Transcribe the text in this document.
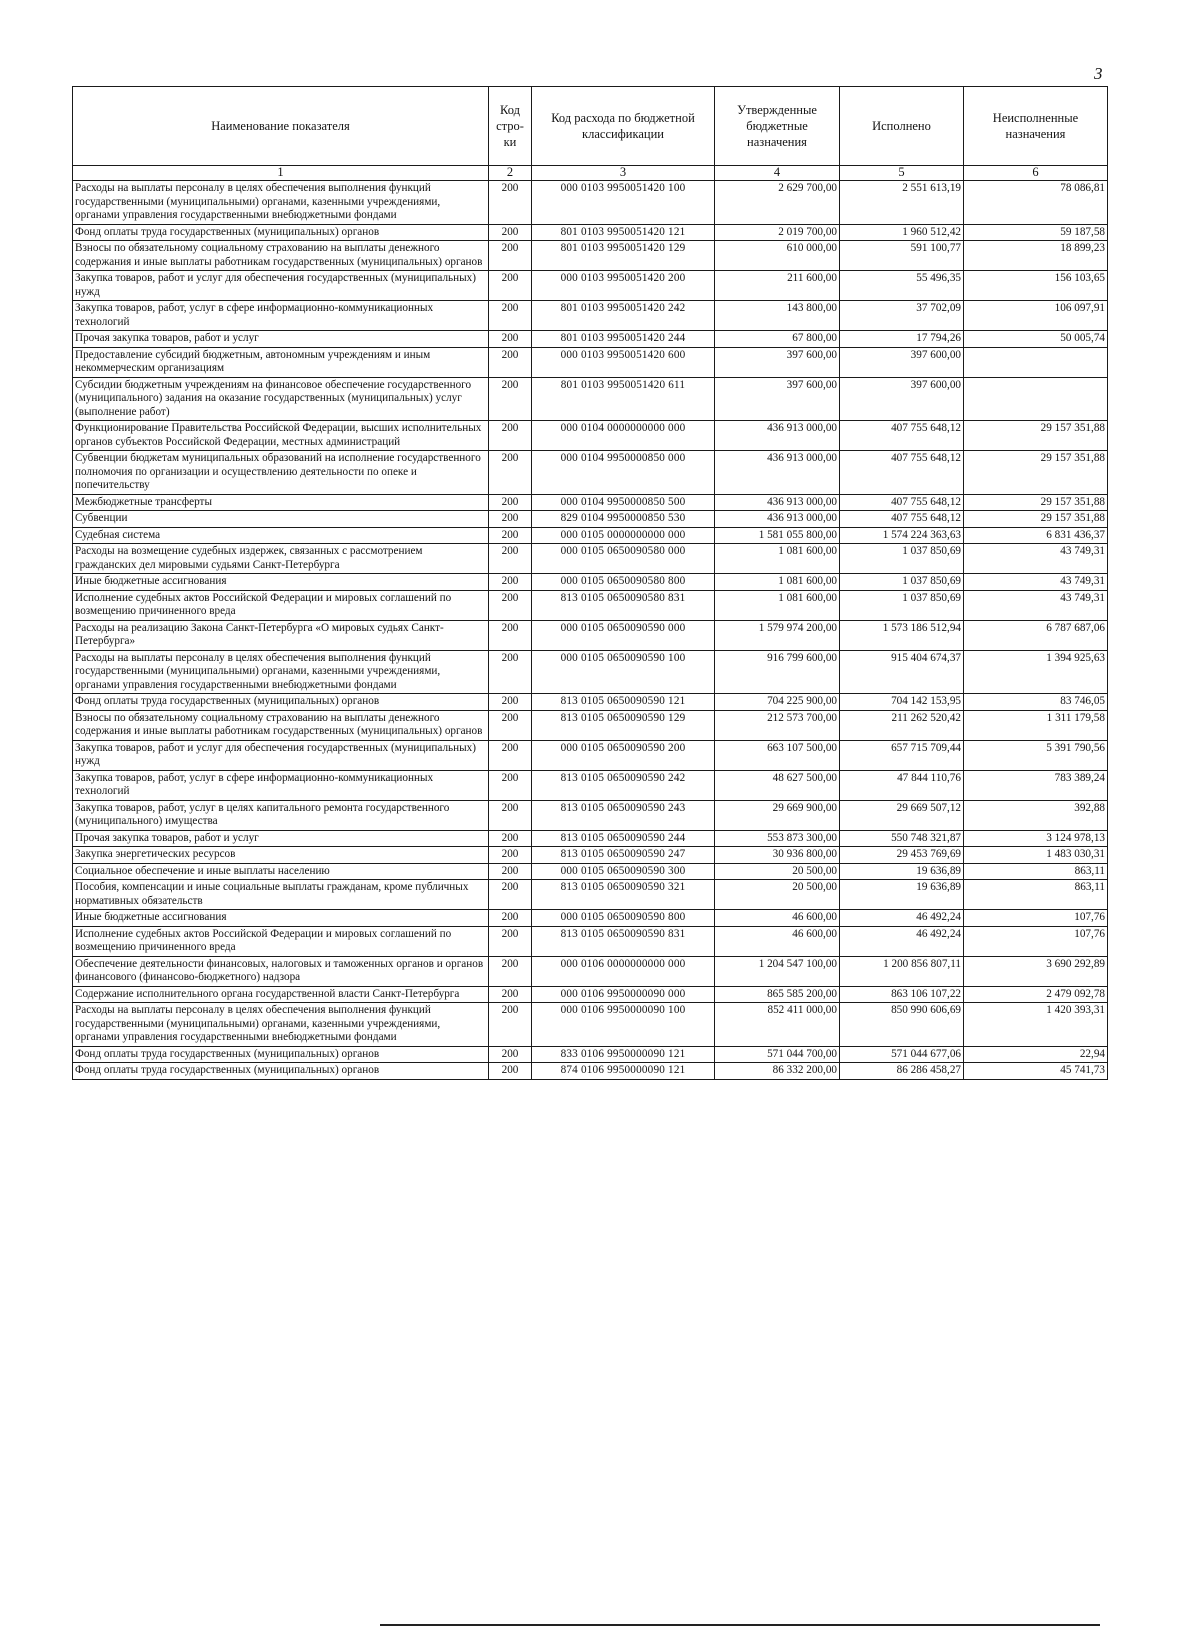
3
Наименование показателя	Код стро- ки	Код расхода по бюджетной классификации	Утвержденные бюджетные назначения	Исполнено	Неисполненные назначения
1	2	3	4	5	6
Расходы на выплаты персоналу в целях обеспечения выполнения функций государственными (муниципальными) органами, казенными учреждениями, органами управления государственными внебюджетными фондами	200	000 0103 9950051420 100	2 629 700,00	2 551 613,19	78 086,81
Фонд оплаты труда государственных (муниципальных) органов	200	801 0103 9950051420 121	2 019 700,00	1 960 512,42	59 187,58
Взносы по обязательному социальному страхованию на выплаты денежного содержания и иные выплаты работникам государственных (муниципальных) органов	200	801 0103 9950051420 129	610 000,00	591 100,77	18 899,23
Закупка товаров, работ и услуг для обеспечения государственных (муниципальных) нужд	200	000 0103 9950051420 200	211 600,00	55 496,35	156 103,65
Закупка товаров, работ, услуг в сфере информационно-коммуникационных технологий	200	801 0103 9950051420 242	143 800,00	37 702,09	106 097,91
Прочая закупка товаров, работ и услуг	200	801 0103 9950051420 244	67 800,00	17 794,26	50 005,74
Предоставление субсидий бюджетным, автономным учреждениям и иным некоммерческим организациям	200	000 0103 9950051420 600	397 600,00	397 600,00	
Субсидии бюджетным учреждениям на финансовое обеспечение государственного (муниципального) задания на оказание государственных (муниципальных) услуг (выполнение работ)	200	801 0103 9950051420 611	397 600,00	397 600,00	
Функционирование Правительства Российской Федерации, высших исполнительных органов субъектов Российской Федерации, местных администраций	200	000 0104 0000000000 000	436 913 000,00	407 755 648,12	29 157 351,88
Субвенции бюджетам муниципальных образований на исполнение государственного полномочия по организации и осуществлению деятельности по опеке и попечительству	200	000 0104 9950000850 000	436 913 000,00	407 755 648,12	29 157 351,88
Межбюджетные трансферты	200	000 0104 9950000850 500	436 913 000,00	407 755 648,12	29 157 351,88
Субвенции	200	829 0104 9950000850 530	436 913 000,00	407 755 648,12	29 157 351,88
Судебная система	200	000 0105 0000000000 000	1 581 055 800,00	1 574 224 363,63	6 831 436,37
Расходы на возмещение судебных издержек, связанных с рассмотрением гражданских дел мировыми судьями Санкт-Петербурга	200	000 0105 0650090580 000	1 081 600,00	1 037 850,69	43 749,31
Иные бюджетные ассигнования	200	000 0105 0650090580 800	1 081 600,00	1 037 850,69	43 749,31
Исполнение судебных актов Российской Федерации и мировых соглашений по возмещению причиненного вреда	200	813 0105 0650090580 831	1 081 600,00	1 037 850,69	43 749,31
Расходы на реализацию Закона Санкт-Петербурга «О мировых судьях Санкт-Петербурга»	200	000 0105 0650090590 000	1 579 974 200,00	1 573 186 512,94	6 787 687,06
Расходы на выплаты персоналу в целях обеспечения выполнения функций государственными (муниципальными) органами, казенными учреждениями, органами управления государственными внебюджетными фондами	200	000 0105 0650090590 100	916 799 600,00	915 404 674,37	1 394 925,63
Фонд оплаты труда государственных (муниципальных) органов	200	813 0105 0650090590 121	704 225 900,00	704 142 153,95	83 746,05
Взносы по обязательному социальному страхованию на выплаты денежного содержания и иные выплаты работникам государственных (муниципальных) органов	200	813 0105 0650090590 129	212 573 700,00	211 262 520,42	1 311 179,58
Закупка товаров, работ и услуг для обеспечения государственных (муниципальных) нужд	200	000 0105 0650090590 200	663 107 500,00	657 715 709,44	5 391 790,56
Закупка товаров, работ, услуг в сфере информационно-коммуникационных технологий	200	813 0105 0650090590 242	48 627 500,00	47 844 110,76	783 389,24
Закупка товаров, работ, услуг в целях капитального ремонта государственного (муниципального) имущества	200	813 0105 0650090590 243	29 669 900,00	29 669 507,12	392,88
Прочая закупка товаров, работ и услуг	200	813 0105 0650090590 244	553 873 300,00	550 748 321,87	3 124 978,13
Закупка энергетических ресурсов	200	813 0105 0650090590 247	30 936 800,00	29 453 769,69	1 483 030,31
Социальное обеспечение и иные выплаты населению	200	000 0105 0650090590 300	20 500,00	19 636,89	863,11
Пособия, компенсации и иные социальные выплаты гражданам, кроме публичных нормативных обязательств	200	813 0105 0650090590 321	20 500,00	19 636,89	863,11
Иные бюджетные ассигнования	200	000 0105 0650090590 800	46 600,00	46 492,24	107,76
Исполнение судебных актов Российской Федерации и мировых соглашений по возмещению причиненного вреда	200	813 0105 0650090590 831	46 600,00	46 492,24	107,76
Обеспечение деятельности финансовых, налоговых и таможенных органов и органов финансового (финансово-бюджетного) надзора	200	000 0106 0000000000 000	1 204 547 100,00	1 200 856 807,11	3 690 292,89
Содержание исполнительного органа государственной власти Санкт-Петербурга	200	000 0106 9950000090 000	865 585 200,00	863 106 107,22	2 479 092,78
Расходы на выплаты персоналу в целях обеспечения выполнения функций государственными (муниципальными) органами, казенными учреждениями, органами управления государственными внебюджетными фондами	200	000 0106 9950000090 100	852 411 000,00	850 990 606,69	1 420 393,31
Фонд оплаты труда государственных (муниципальных) органов	200	833 0106 9950000090 121	571 044 700,00	571 044 677,06	22,94
Фонд оплаты труда государственных (муниципальных) органов	200	874 0106 9950000090 121	86 332 200,00	86 286 458,27	45 741,73
